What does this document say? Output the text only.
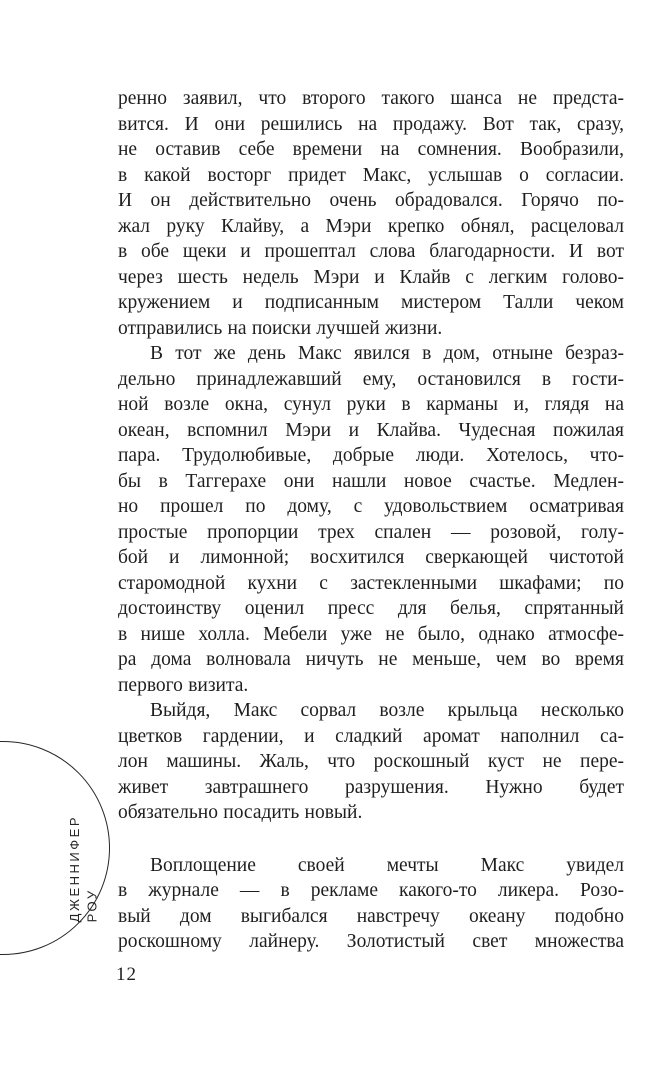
ДЖЕННИФЕР РОУ
ренно заявил, что второго такого шанса не предста-
вится. И они решились на продажу. Вот так, сразу,
не оставив себе времени на сомнения. Вообразили,
в какой восторг придет Макс, услышав о согласии.
И он действительно очень обрадовался. Горячо по-
жал руку Клайву, а Мэри крепко обнял, расцеловал
в обе щеки и прошептал слова благодарности. И вот
через шесть недель Мэри и Клайв с легким голово-
кружением и подписанным мистером Талли чеком
отправились на поиски лучшей жизни.
В тот же день Макс явился в дом, отныне безраз-
дельно принадлежавший ему, остановился в гости-
ной возле окна, сунул руки в карманы и, глядя на
океан, вспомнил Мэри и Клайва. Чудесная пожилая
пара. Трудолюбивые, добрые люди. Хотелось, что-
бы в Таггерахе они нашли новое счастье. Медлен-
но прошел по дому, с удовольствием осматривая
простые пропорции трех спален — розовой, голу-
бой и лимонной; восхитился сверкающей чистотой
старомодной кухни с застекленными шкафами; по
достоинству оценил пресс для белья, спрятанный
в нише холла. Мебели уже не было, однако атмосфе-
ра дома волновала ничуть не меньше, чем во время
первого визита.
Выйдя, Макс сорвал возле крыльца несколько
цветков гардении, и сладкий аромат наполнил са-
лон машины. Жаль, что роскошный куст не пере-
живет завтрашнего разрушения. Нужно будет
обязательно посадить новый.
Воплощение своей мечты Макс увидел
в журнале — в рекламе какого-то ликера. Розо-
вый дом выгибался навстречу океану подобно
роскошному лайнеру. Золотистый свет множества
12
